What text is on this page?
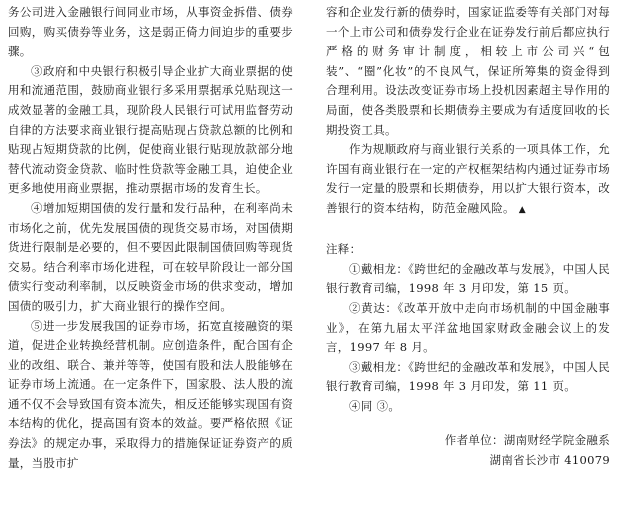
务公司进入金融银行间同业市场，从事资金拆借、债券回购，购买债券等业务，这是弱正倚力间迫步的重要步骤。

③政府和中央银行积极引导企业扩大商业票据的使用和流通范围，鼓励商业银行多采用票据承兑贴现这一成效显著的金融工具，现阶段人民银行可试用监督劳动自律的方法要求商业银行提高贴现占贷款总额的比例和贴现占短期贷款的比例，促使商业银行贴现放款部分地替代流动资金贷款、临时性贷款等金融工具，迫使企业更多地使用商业票据，推动票据市场的发育生长。

④增加短期国债的发行量和发行品种，在利率尚未市场化之前，优先发展国债的现货交易市场，对国债期货进行限制是必要的，但不要因此限制国债回购等现货交易。结合利率市场化进程，可在较早阶段让一部分国债实行变动利率制，以反映资金市场的供求变动，增加国债的吸引力，扩大商业银行的操作空间。

⑤进一步发展我国的证券市场，拓宽直接融资的渠道，促进企业转换经营机制。应创造条件，配合国有企业的改组、联合、兼并等等，使国有股和法人股能够在证券市场上流通。在一定条件下，国家股、法人股的流通不仅不会导致国有资本流失，相反还能够实现国有资本结构的优化，提高国有资本的效益。要严格依照《证券法》的规定办事，采取得力的措施保证证券资产的质量，当股市扩

容和企业发行新的债券时，国家证监委等有关部门对每一个上市公司和债券发行企业在证券发行前后都应执行严格的财务审计制度，相较上市公司兴“包装”、“圈”化妆”的不良风气，保证所筹集的资金得到合理利用。设法改变证券市场上投机因素超主导作用的局面，使各类股票和长期债券主要成为有适度回收的长期投资工具。

作为规顺政府与商业银行关系的一项具体工作，允许国有商业银行在一定的产权框架结构内通过证券市场发行一定量的股票和长期债券，用以扩大银行资本，改善银行的资本结构，防范金融风险。 ▲

注释：

①戴相龙：《跨世纪的金融改革与发展》，中国人民银行教育司编，1998 年 3 月印发，第 15 页。

②黄达：《改革开放中走向市场机制的中国金融事业》，在第九届太平洋盆地国家财政金融会议上的发言，1997 年 8 月。

③戴相龙：《跨世纪的金融改革和发展》，中国人民银行教育司编，1998 年 3 月印发，第 11 页。

④同 ③。

作者单位：湖南财经学院金融系
湖南省长沙市 410079
